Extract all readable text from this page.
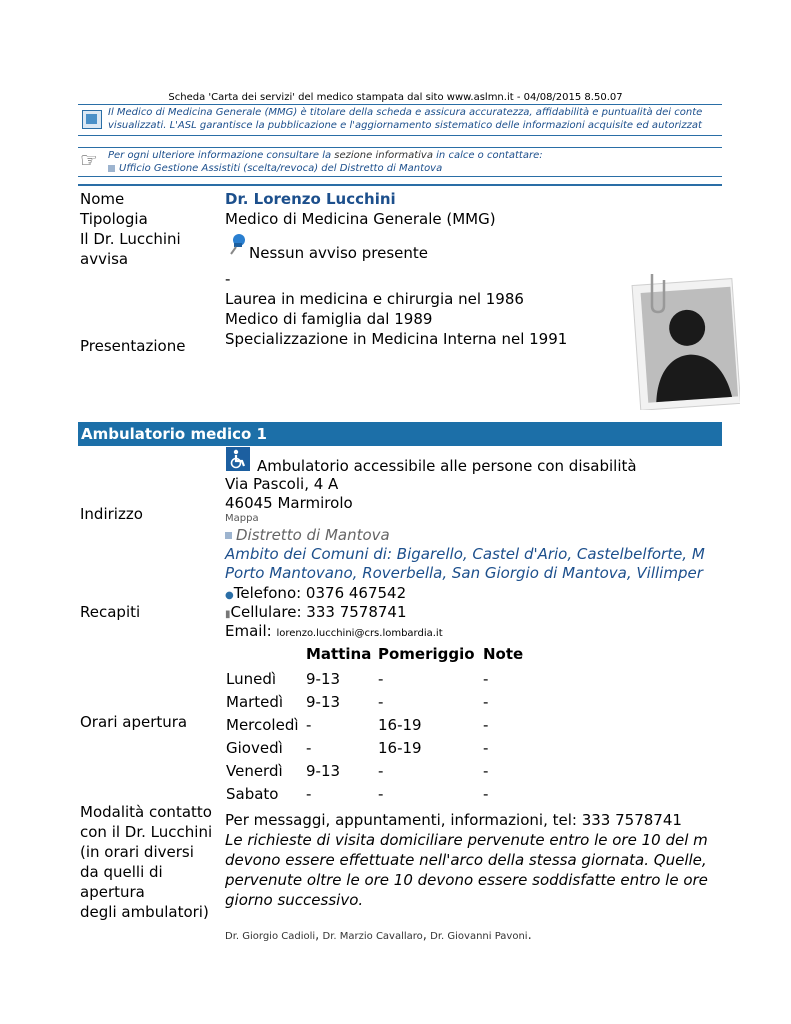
Scheda 'Carta dei servizi' del medico stampata dal sito www.aslmn.it - 04/08/2015 8.50.07
Il Medico di Medicina Generale (MMG) è titolare della scheda e assicura accuratezza, affidabilità e puntualità dei conte
visualizzati. L'ASL garantisce la pubblicazione e l'aggiornamento sistematico delle informazioni acquisite ed autorizzat
☞ Per ogni ulteriore informazione consultare la sezione informativa in calce o contattare:
Ufficio Gestione Assistiti (scelta/revoca) del Distretto di Mantova
Nome	Dr. Lorenzo Lucchini
Tipologia	Medico di Medicina Generale (MMG)
Il Dr. Lucchini
avvisa	Nessun avviso presente
Presentazione
-
Laurea in medicina e chirurgia nel 1986
Medico di famiglia dal 1989
Specializzazione in Medicina Interna nel 1991
Ambulatorio medico 1
Ambulatorio accessibile alle persone con disabilità
Indirizzo
Via Pascoli, 4 A
46045 Marmirolo
Mappa
Distretto di Mantova
Ambito dei Comuni di: Bigarello, Castel d'Ario, Castelbelforte, M
Porto Mantovano, Roverbella, San Giorgio di Mantova, Villimper
Recapiti
●Telefono: 0376 467542
▮Cellulare: 333 7578741
Email: lorenzo.lucchini@crs.lombardia.it
Orari apertura
	Mattina	Pomeriggio	Note
Lunedì	9-13	-	-
Martedì	9-13	-	-
Mercoledì	-	16-19	-
Giovedì	-	16-19	-
Venerdì	9-13	-	-
Sabato	-	-	-
Modalità contatto
con il Dr. Lucchini
(in orari diversi
da quelli di
apertura
degli ambulatori)
Per messaggi, appuntamenti, informazioni, tel: 333 7578741
Le richieste di visita domiciliare pervenute entro le ore 10 del m
devono essere effettuate nell'arco della stessa giornata. Quelle,
pervenute oltre le ore 10 devono essere soddisfatte entro le ore
giorno successivo.
Dr. Giorgio Cadioli, Dr. Marzio Cavallaro, Dr. Giovanni Pavoni.
